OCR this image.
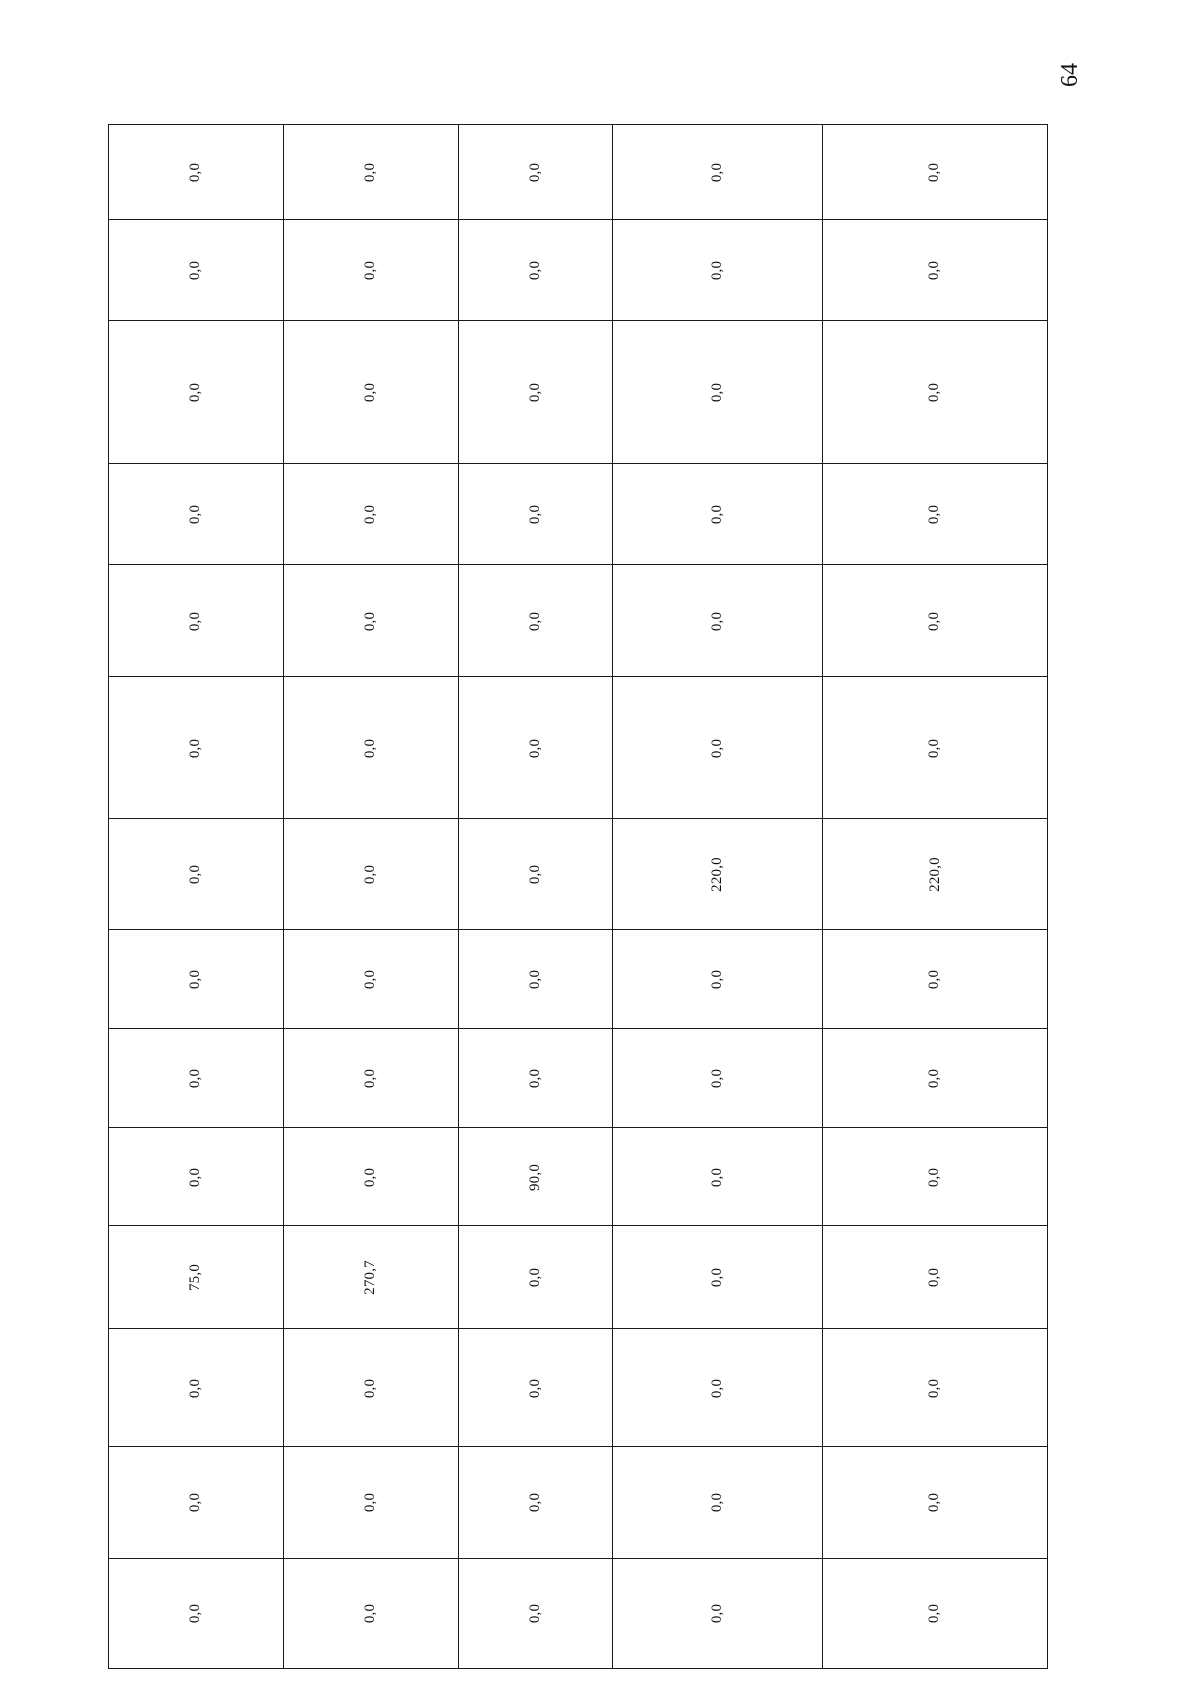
64
0,0	0,0	0,0	0,0	0,0
0,0	0,0	0,0	0,0	0,0
0,0	0,0	0,0	0,0	0,0
0,0	0,0	0,0	0,0	0,0
0,0	0,0	0,0	0,0	0,0
0,0	0,0	0,0	0,0	0,0
0,0	0,0	0,0	220,0	220,0
0,0	0,0	0,0	0,0	0,0
0,0	0,0	0,0	0,0	0,0
0,0	0,0	90,0	0,0	0,0
75,0	270,7	0,0	0,0	0,0
0,0	0,0	0,0	0,0	0,0
0,0	0,0	0,0	0,0	0,0
0,0	0,0	0,0	0,0	0,0
